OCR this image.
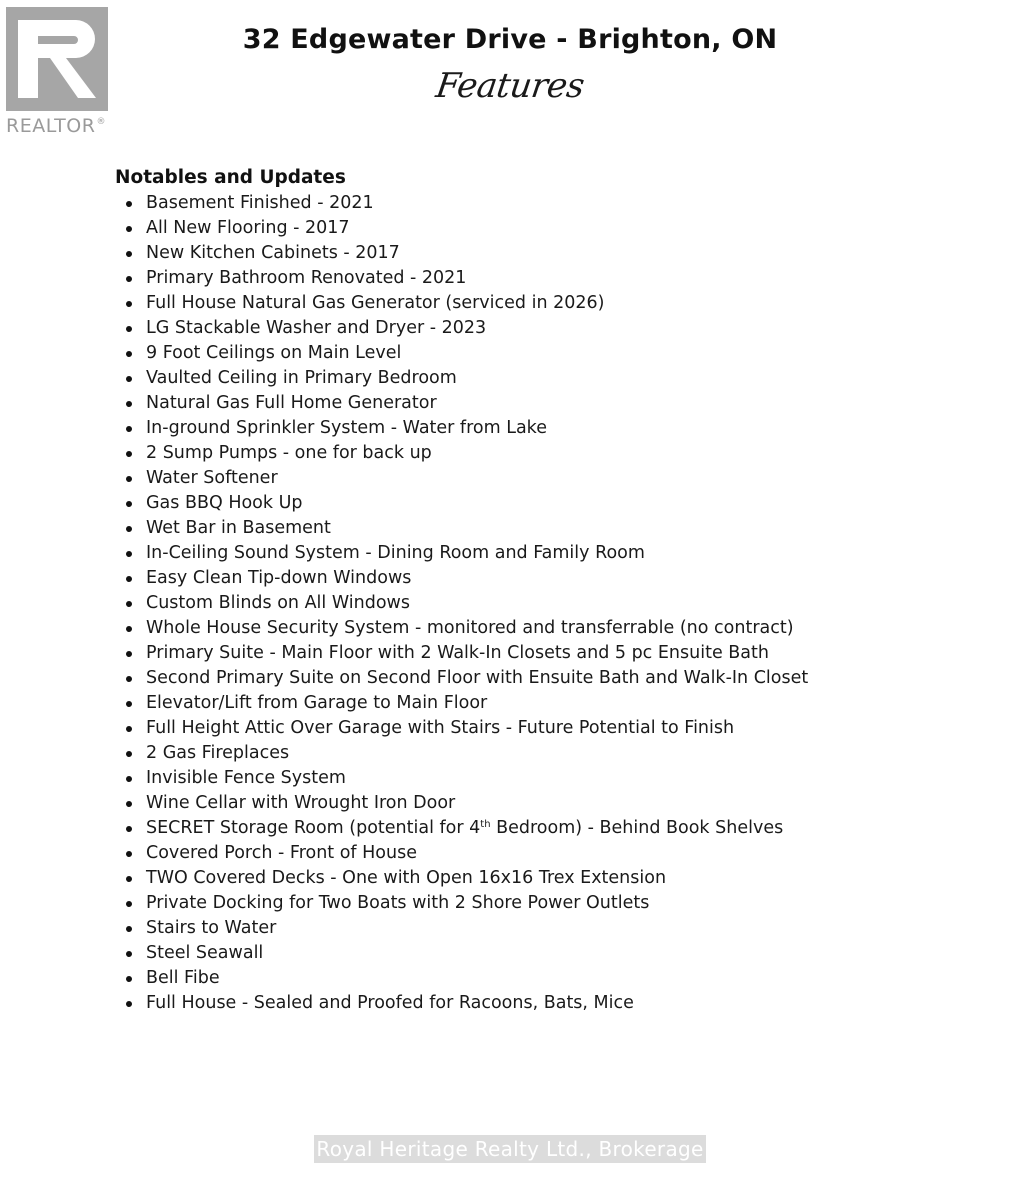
REALTOR®
32 Edgewater Drive - Brighton, ON
Features
Notables and Updates
Basement Finished - 2021
All New Flooring - 2017
New Kitchen Cabinets - 2017
Primary Bathroom Renovated - 2021
Full House Natural Gas Generator (serviced in 2026)
LG Stackable Washer and Dryer - 2023
9 Foot Ceilings on Main Level
Vaulted Ceiling in Primary Bedroom
Natural Gas Full Home Generator
In-ground Sprinkler System - Water from Lake
2 Sump Pumps - one for back up
Water Softener
Gas BBQ Hook Up
Wet Bar in Basement
In-Ceiling Sound System - Dining Room and Family Room
Easy Clean Tip-down Windows
Custom Blinds on All Windows
Whole House Security System - monitored and transferrable (no contract)
Primary Suite - Main Floor with 2 Walk-In Closets and 5 pc Ensuite Bath
Second Primary Suite on Second Floor with Ensuite Bath and Walk-In Closet
Elevator/Lift from Garage to Main Floor
Full Height Attic Over Garage with Stairs - Future Potential to Finish
2 Gas Fireplaces
Invisible Fence System
Wine Cellar with Wrought Iron Door
SECRET Storage Room (potential for 4th Bedroom) - Behind Book Shelves
Covered Porch - Front of House
TWO Covered Decks - One with Open 16x16 Trex Extension
Private Docking for Two Boats with 2 Shore Power Outlets
Stairs to Water
Steel Seawall
Bell Fibe
Full House - Sealed and Proofed for Racoons, Bats, Mice
Royal Heritage Realty Ltd., Brokerage
